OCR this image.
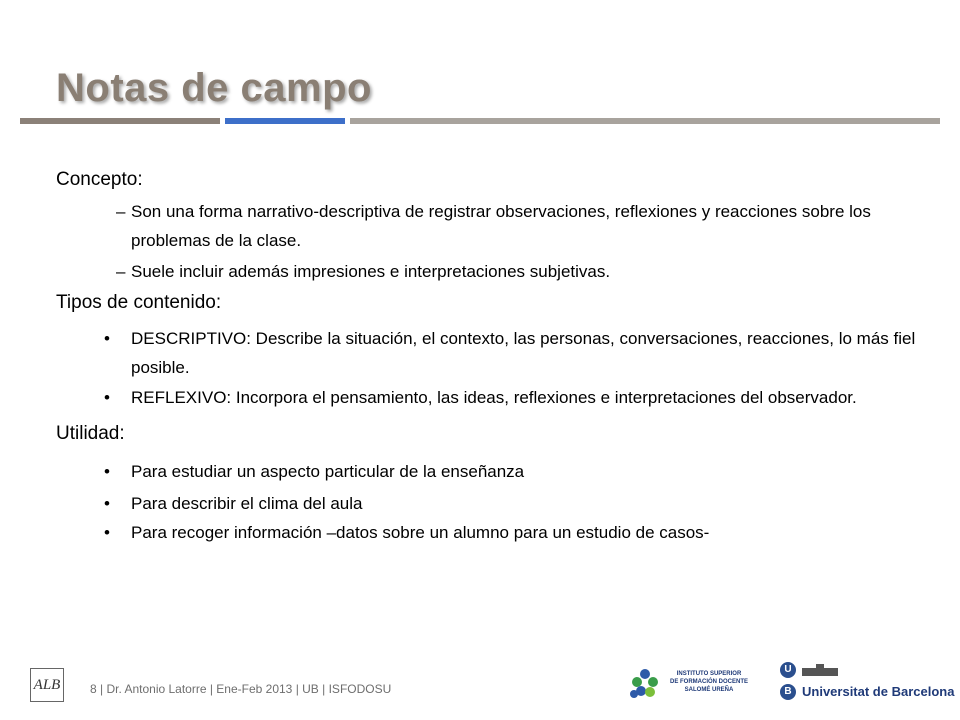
Notas de campo

Concepto:

– Son una forma narrativo-descriptiva de registrar observaciones, reflexiones y reacciones sobre los problemas de la clase.
– Suele incluir además impresiones e interpretaciones subjetivas.

Tipos de contenido:

• DESCRIPTIVO: Describe la situación, el contexto, las personas, conversaciones, reacciones, lo más fiel posible.
• REFLEXIVO: Incorpora el pensamiento, las ideas, reflexiones e interpretaciones del observador.

Utilidad:

• Para estudiar un aspecto particular de la enseñanza
• Para describir el clima del aula
• Para recoger información –datos sobre un alumno para un estudio de casos-
ALB	8 | Dr. Antonio Latorre | Ene-Feb 2013 | UB | ISFODOSU
INSTITUTO SUPERIOR
DE FORMACIÓN DOCENTE
SALOMÉ UREÑA
U
B Universitat de Barcelona
